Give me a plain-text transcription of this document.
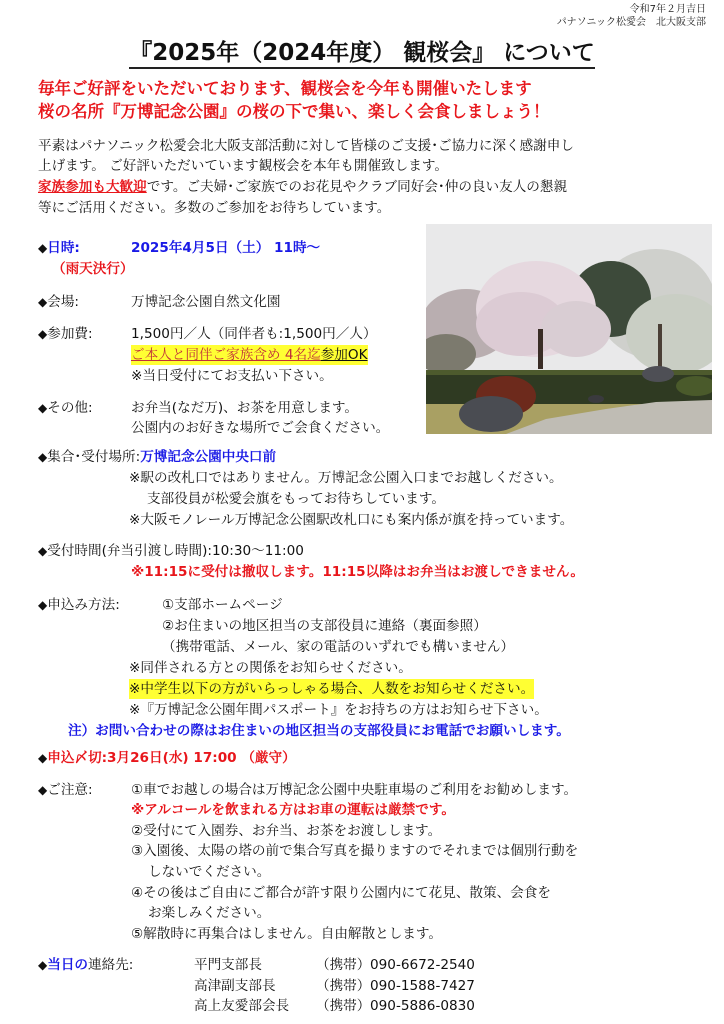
令和7年２月吉日
パナソニック松愛会　北大阪支部
『2025年（2024年度） 観桜会』 について
毎年ご好評をいただいております、観桜会を今年も開催いたします
桜の名所『万博記念公園』の桜の下で集い、楽しく会食しましょう！
平素はパナソニック松愛会北大阪支部活動に対して皆様のご支援･ご協力に深く感謝申し
上げます。 ご好評いただいています観桜会を本年も開催致します。
家族参加も大歓迎です。ご夫婦･ご家族でのお花見やクラブ同好会･仲の良い友人の懇親
等にご活用ください。多数のご参加をお待ちしています。
◆日時:	2025年4月5日（土） 11時～
（雨天決行）
◆会場:	万博記念公園自然文化園
◆参加費:	1,500円／人（同伴者も:1,500円／人）
ご本人と同伴ご家族含め 4名迄参加OK
※当日受付にてお支払い下さい。
◆その他:	お弁当(なだ万)、お茶を用意します。
公園内のお好きな場所でご会食ください。
◆集合･受付場所:万博記念公園中央口前
※駅の改札口ではありません。万博記念公園入口までお越しください。
支部役員が松愛会旗をもってお待ちしています。
※大阪モノレール万博記念公園駅改札口にも案内係が旗を持っています。
◆受付時間(弁当引渡し時間):10:30～11:00
※11:15に受付は撤収します。11:15以降はお弁当はお渡しできません。
◆申込み方法:	①支部ホームページ
②お住まいの地区担当の支部役員に連絡（裏面参照）
（携帯電話、メール、家の電話のいずれでも構いません）
※同伴される方との関係をお知らせください。
※中学生以下の方がいらっしゃる場合、人数をお知らせください。
※『万博記念公園年間パスポート』をお持ちの方はお知らせ下さい。
注）お問い合わせの際はお住まいの地区担当の支部役員にお電話でお願いします。
◆申込〆切:3月26日(水) 17:00 （厳守）
◆ご注意:	①車でお越しの場合は万博記念公園中央駐車場のご利用をお勧めします。
※アルコールを飲まれる方はお車の運転は厳禁です。
②受付にて入園券、お弁当、お茶をお渡しします。
③入園後、太陽の塔の前で集合写真を撮りますのでそれまでは個別行動を
しないでください。
④その後はご自由にご都合が許す限り公園内にて花見、散策、会食を
お楽しみください。
⑤解散時に再集合はしません。自由解散とします。
◆当日の連絡先:	平門支部長	（携帯） 090-6672-2540
高津副支部長	（携帯） 090-1588-7427
高上友愛部会長 （携帯） 090-5886-0830
